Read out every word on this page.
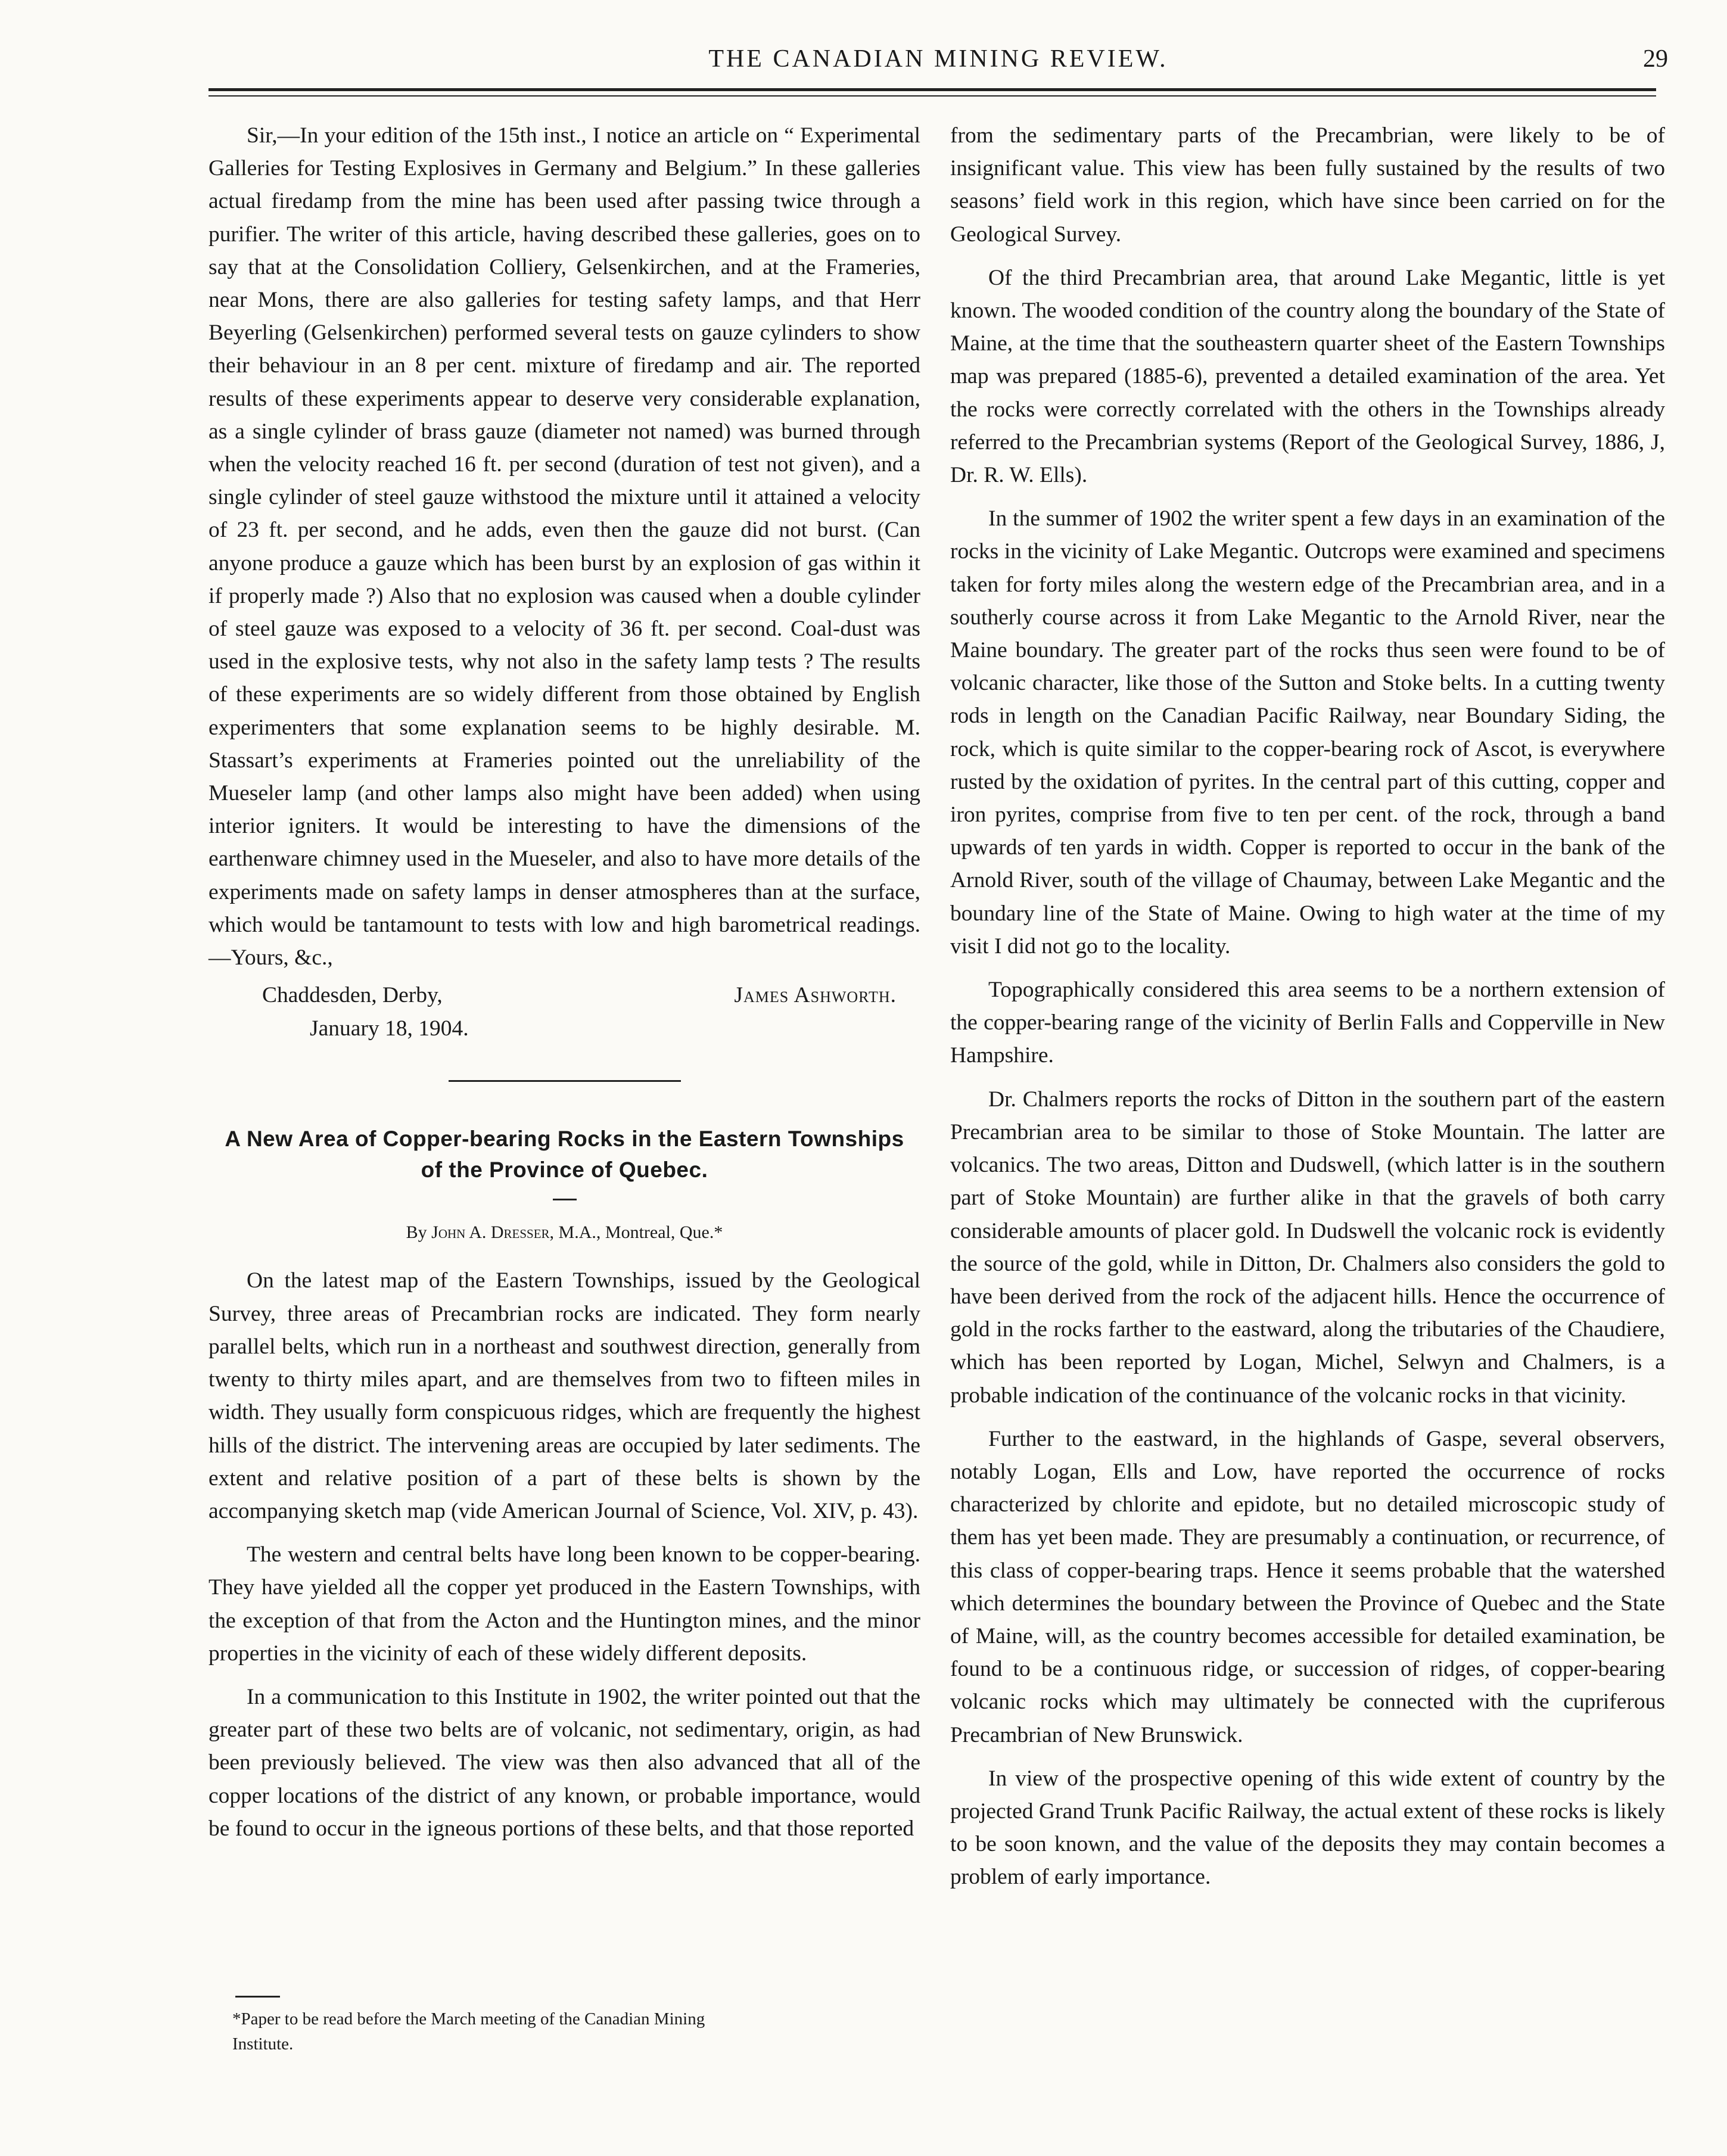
THE CANADIAN MINING REVIEW.	29

Sir,—In your edition of the 15th inst., I notice an article on “ Experimental Galleries for Testing Explosives in Germany and Belgium.” In these galleries actual firedamp from the mine has been used after passing twice through a purifier. The writer of this article, having described these galleries, goes on to say that at the Consolidation Colliery, Gelsenkirchen, and at the Frameries, near Mons, there are also galleries for testing safety lamps, and that Herr Beyerling (Gelsenkirchen) performed several tests on gauze cylinders to show their behaviour in an 8 per cent. mixture of firedamp and air. The reported results of these experiments appear to deserve very considerable explanation, as a single cylinder of brass gauze (diameter not named) was burned through when the velocity reached 16 ft. per second (duration of test not given), and a single cylinder of steel gauze withstood the mixture until it attained a velocity of 23 ft. per second, and he adds, even then the gauze did not burst. (Can anyone produce a gauze which has been burst by an explosion of gas within it if properly made ?) Also that no explosion was caused when a double cylinder of steel gauze was exposed to a velocity of 36 ft. per second. Coal-dust was used in the explosive tests, why not also in the safety lamp tests ? The results of these experiments are so widely different from those obtained by English experimenters that some explanation seems to be highly desirable. M. Stassart’s experiments at Frameries pointed out the unreliability of the Mueseler lamp (and other lamps also might have been added) when using interior igniters. It would be interesting to have the dimensions of the earthenware chimney used in the Mueseler, and also to have more details of the experiments made on safety lamps in denser atmospheres than at the surface, which would be tantamount to tests with low and high barometrical readings.—Yours, &c.,

Chaddesden, Derby,
January 18, 1904.
James Ashworth.
A New Area of Copper-bearing Rocks in the Eastern Townships of the Province of Quebec.
By John A. Dresser, M.A., Montreal, Que.*

On the latest map of the Eastern Townships, issued by the Geological Survey, three areas of Precambrian rocks are indicated. They form nearly parallel belts, which run in a northeast and southwest direction, generally from twenty to thirty miles apart, and are themselves from two to fifteen miles in width. They usually form conspicuous ridges, which are frequently the highest hills of the district. The intervening areas are occupied by later sediments. The extent and relative position of a part of these belts is shown by the accompanying sketch map (vide American Journal of Science, Vol. XIV, p. 43).

The western and central belts have long been known to be copper-bearing. They have yielded all the copper yet produced in the Eastern Townships, with the exception of that from the Acton and the Huntington mines, and the minor properties in the vicinity of each of these widely different deposits.

In a communication to this Institute in 1902, the writer pointed out that the greater part of these two belts are of volcanic, not sedimentary, origin, as had been previously believed. The view was then also advanced that all of the copper locations of the district of any known, or probable importance, would be found to occur in the igneous portions of these belts, and that those reported

*Paper to be read before the March meeting of the Canadian Mining
Institute.

from the sedimentary parts of the Precambrian, were likely to be of insignificant value. This view has been fully sustained by the results of two seasons’ field work in this region, which have since been carried on for the Geological Survey.

Of the third Precambrian area, that around Lake Megantic, little is yet known. The wooded condition of the country along the boundary of the State of Maine, at the time that the southeastern quarter sheet of the Eastern Townships map was prepared (1885-6), prevented a detailed examination of the area. Yet the rocks were correctly correlated with the others in the Townships already referred to the Precambrian systems (Report of the Geological Survey, 1886, J, Dr. R. W. Ells).

In the summer of 1902 the writer spent a few days in an examination of the rocks in the vicinity of Lake Megantic. Outcrops were examined and specimens taken for forty miles along the western edge of the Precambrian area, and in a southerly course across it from Lake Megantic to the Arnold River, near the Maine boundary. The greater part of the rocks thus seen were found to be of volcanic character, like those of the Sutton and Stoke belts. In a cutting twenty rods in length on the Canadian Pacific Railway, near Boundary Siding, the rock, which is quite similar to the copper-bearing rock of Ascot, is everywhere rusted by the oxidation of pyrites. In the central part of this cutting, copper and iron pyrites, comprise from five to ten per cent. of the rock, through a band upwards of ten yards in width. Copper is reported to occur in the bank of the Arnold River, south of the village of Chaumay, between Lake Megantic and the boundary line of the State of Maine. Owing to high water at the time of my visit I did not go to the locality.

Topographically considered this area seems to be a northern extension of the copper-bearing range of the vicinity of Berlin Falls and Copperville in New Hampshire.

Dr. Chalmers reports the rocks of Ditton in the southern part of the eastern Precambrian area to be similar to those of Stoke Mountain. The latter are volcanics. The two areas, Ditton and Dudswell, (which latter is in the southern part of Stoke Mountain) are further alike in that the gravels of both carry considerable amounts of placer gold. In Dudswell the volcanic rock is evidently the source of the gold, while in Ditton, Dr. Chalmers also considers the gold to have been derived from the rock of the adjacent hills. Hence the occurrence of gold in the rocks farther to the eastward, along the tributaries of the Chaudiere, which has been reported by Logan, Michel, Selwyn and Chalmers, is a probable indication of the continuance of the volcanic rocks in that vicinity.

Further to the eastward, in the highlands of Gaspe, several observers, notably Logan, Ells and Low, have reported the occurrence of rocks characterized by chlorite and epidote, but no detailed microscopic study of them has yet been made. They are presumably a continuation, or recurrence, of this class of copper-bearing traps. Hence it seems probable that the watershed which determines the boundary between the Province of Quebec and the State of Maine, will, as the country becomes accessible for detailed examination, be found to be a continuous ridge, or succession of ridges, of copper-bearing volcanic rocks which may ultimately be connected with the cupriferous Precambrian of New Brunswick.

In view of the prospective opening of this wide extent of country by the projected Grand Trunk Pacific Railway, the actual extent of these rocks is likely to be soon known, and the value of the deposits they may contain becomes a problem of early importance.
